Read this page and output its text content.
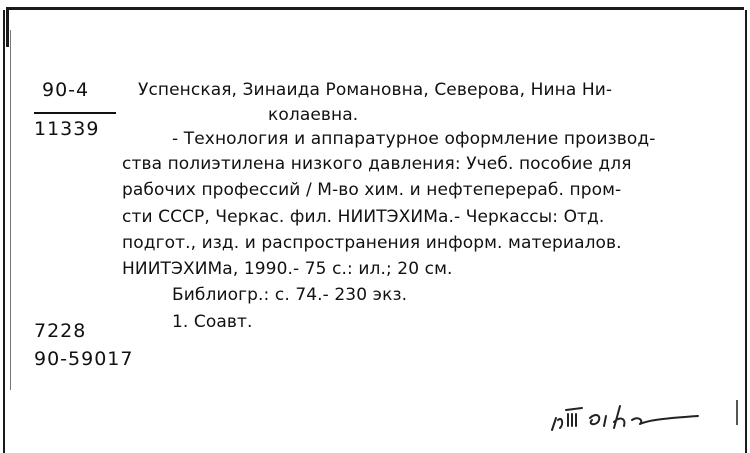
90-4
11339
Успенская, Зинаида Романовна, Северова, Нина Ни-
колаевна.
- Технология и аппаратурное оформление производ-
ства полиэтилена низкого давления: Учеб. пособие для
рабочих профессий / М-во хим. и нефтеперераб. пром-
сти СССР, Черкас. фил. НИИТЭХИМа.- Черкассы: Отд.
подгот., изд. и распространения информ. материалов.
НИИТЭХИМа, 1990.- 75 с.: ил.; 20 см.
Библиогр.: с. 74.- 230 экз.
1. Соавт.
7228
90-59017
